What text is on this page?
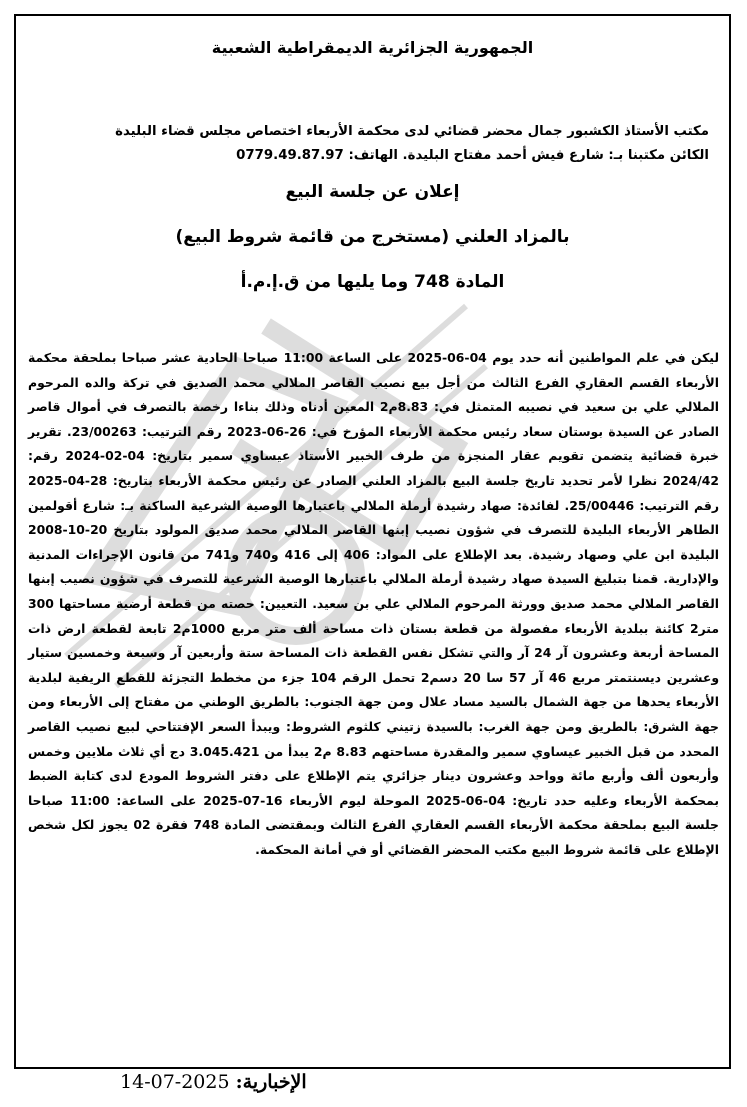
الجمهورية الجزائرية الديمقراطية الشعبية
مكتب الأستاذ الكشبور جمال محضر قضائي لدى محكمة الأربعاء اختصاص مجلس قضاء البليدة
الكائن مكتبنا بـ: شارع فيش أحمد مفتاح البليدة. الهاتف: 0779.49.87.97
إعلان عن جلسة البيع
بالمزاد العلني (مستخرج من قائمة شروط البيع)
المادة 748 وما يليها من ق.إ.م.أ

ليكن في علم المواطنين أنه حدد يوم 04-06-2025 على الساعة 11:00 صباحا الحادية عشر صباحا بملحقة محكمة الأربعاء القسم العقاري الفرع الثالث من أجل بيع نصيب القاصر الملالي محمد الصديق في تركة والده المرحوم الملالي علي بن سعيد في نصيبه المتمثل في: 8.83م2 المعين أدناه وذلك بناءا رخصة بالتصرف في أموال قاصر الصادر عن السيدة بوستان سعاد رئيس محكمة الأربعاء المؤرخ في: 26-06-2023 رقم الترتيب: 23/00263. تقرير خبرة قضائية يتضمن تقويم عقار المنجزة من طرف الخبير الأستاذ عيساوي سمير بتاريخ: 04-02-2024 رقم: 2024/42 نظرا لأمر تحديد تاريخ جلسة البيع بالمزاد العلني الصادر عن رئيس محكمة الأربعاء بتاريخ: 28-04-2025 رقم الترتيب: 25/00446. لفائدة: صهاد رشيدة أرملة الملالي باعتبارها الوصية الشرعية الساكنة بـ: شارع أقولمين الطاهر الأربعاء البليدة للتصرف في شؤون نصيب إبنها القاصر الملالي محمد صديق المولود بتاريخ 20-10-2008 البليدة ابن علي وصهاد رشيدة. بعد الإطلاع على المواد: 406 إلى 416 و740 و741 من قانون الإجراءات المدنية والإدارية. قمنا بتبليغ السيدة صهاد رشيدة أرملة الملالي باعتبارها الوصية الشرعية للتصرف في شؤون نصيب إبنها القاصر الملالي محمد صديق وورثة المرحوم الملالي علي بن سعيد. التعيين: حصته من قطعة أرضية مساحتها 300 متر2 كائنة ببلدية الأربعاء مفصولة من قطعة بستان ذات مساحة ألف متر مربع 1000م2 تابعة لقطعة ارض ذات المساحة أربعة وعشرون آر 24 آر والتي تشكل نفس القطعة ذات المساحة ستة وأربعين آر وسبعة وخمسين ستيار وعشرين ديسنتمتر مربع 46 آر 57 سا 20 دسم2 تحمل الرقم 104 جزء من مخطط التجزئة للقطع الريفية لبلدية الأربعاء يحدها من جهة الشمال بالسيد مساد علال ومن جهة الجنوب: بالطريق الوطني من مفتاح إلى الأربعاء ومن جهة الشرق: بالطريق ومن جهة الغرب: بالسيدة زتيني كلثوم الشروط: ويبدأ السعر الإفتتاحي لبيع نصيب القاصر المحدد من قبل الخبير عيساوي سمير والمقدرة مساحتهم 8.83 م2 يبدأ من 3.045.421 دج أي ثلاث ملايين وخمس وأربعون ألف وأربع مائة وواحد وعشرون دينار جزائري يتم الإطلاع على دفتر الشروط المودع لدى كتابة الضبط بمحكمة الأربعاء وعليه حدد تاريخ: 04-06-2025 الموحلة ليوم الأربعاء 16-07-2025 على الساعة: 11:00 صباحا جلسة البيع بملحقة محكمة الأربعاء القسم العقاري الفرع الثالث وبمقتضى المادة 748 فقرة 02 يجوز لكل شخص الإطلاع على قائمة شروط البيع مكتب المحضر القضائي أو في أمانة المحكمة.

الإخبارية: 2025-07-14
